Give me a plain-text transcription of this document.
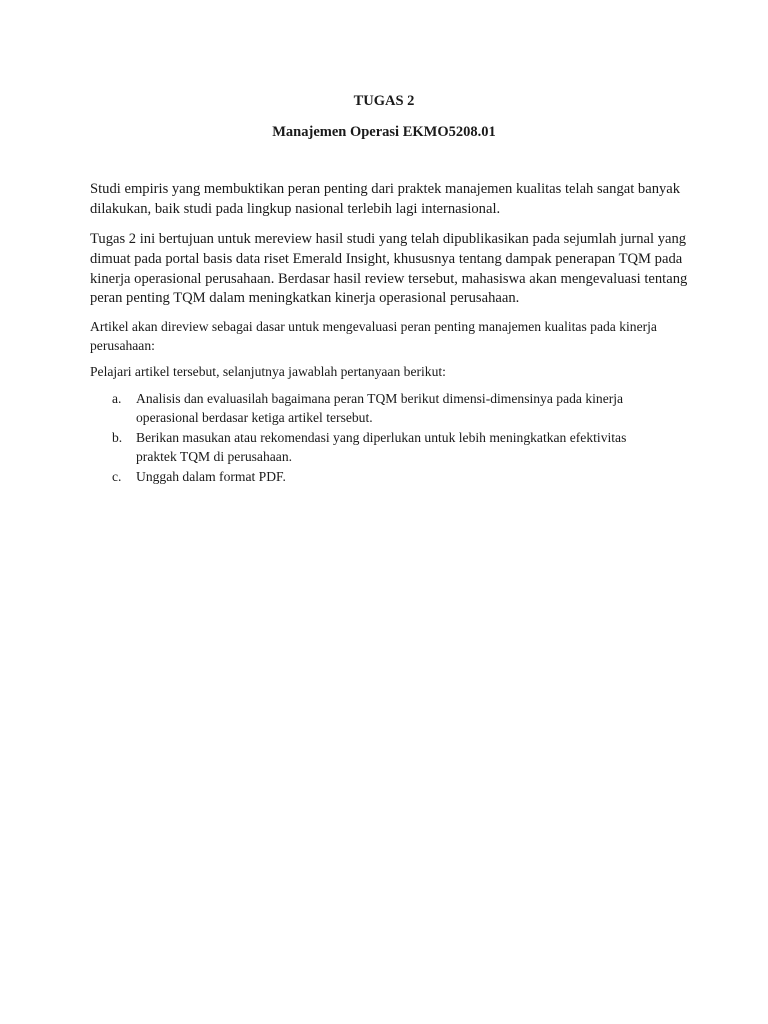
TUGAS 2
Manajemen Operasi EKMO5208.01
Studi empiris yang membuktikan peran penting dari praktek manajemen kualitas telah sangat banyak dilakukan, baik studi pada lingkup nasional terlebih lagi internasional.
Tugas 2 ini bertujuan untuk mereview hasil studi yang telah dipublikasikan pada sejumlah jurnal yang dimuat pada portal basis data riset Emerald Insight, khususnya tentang dampak penerapan TQM pada kinerja operasional perusahaan. Berdasar hasil review tersebut, mahasiswa akan mengevaluasi tentang peran penting TQM dalam meningkatkan kinerja operasional perusahaan.
Artikel akan direview sebagai dasar untuk mengevaluasi peran penting manajemen kualitas pada kinerja perusahaan:
Pelajari artikel tersebut, selanjutnya jawablah pertanyaan berikut:
a. Analisis dan evaluasilah bagaimana peran TQM berikut dimensi-dimensinya pada kinerja operasional berdasar ketiga artikel tersebut.
b. Berikan masukan atau rekomendasi yang diperlukan untuk lebih meningkatkan efektivitas praktek TQM di perusahaan.
c. Unggah dalam format PDF.
